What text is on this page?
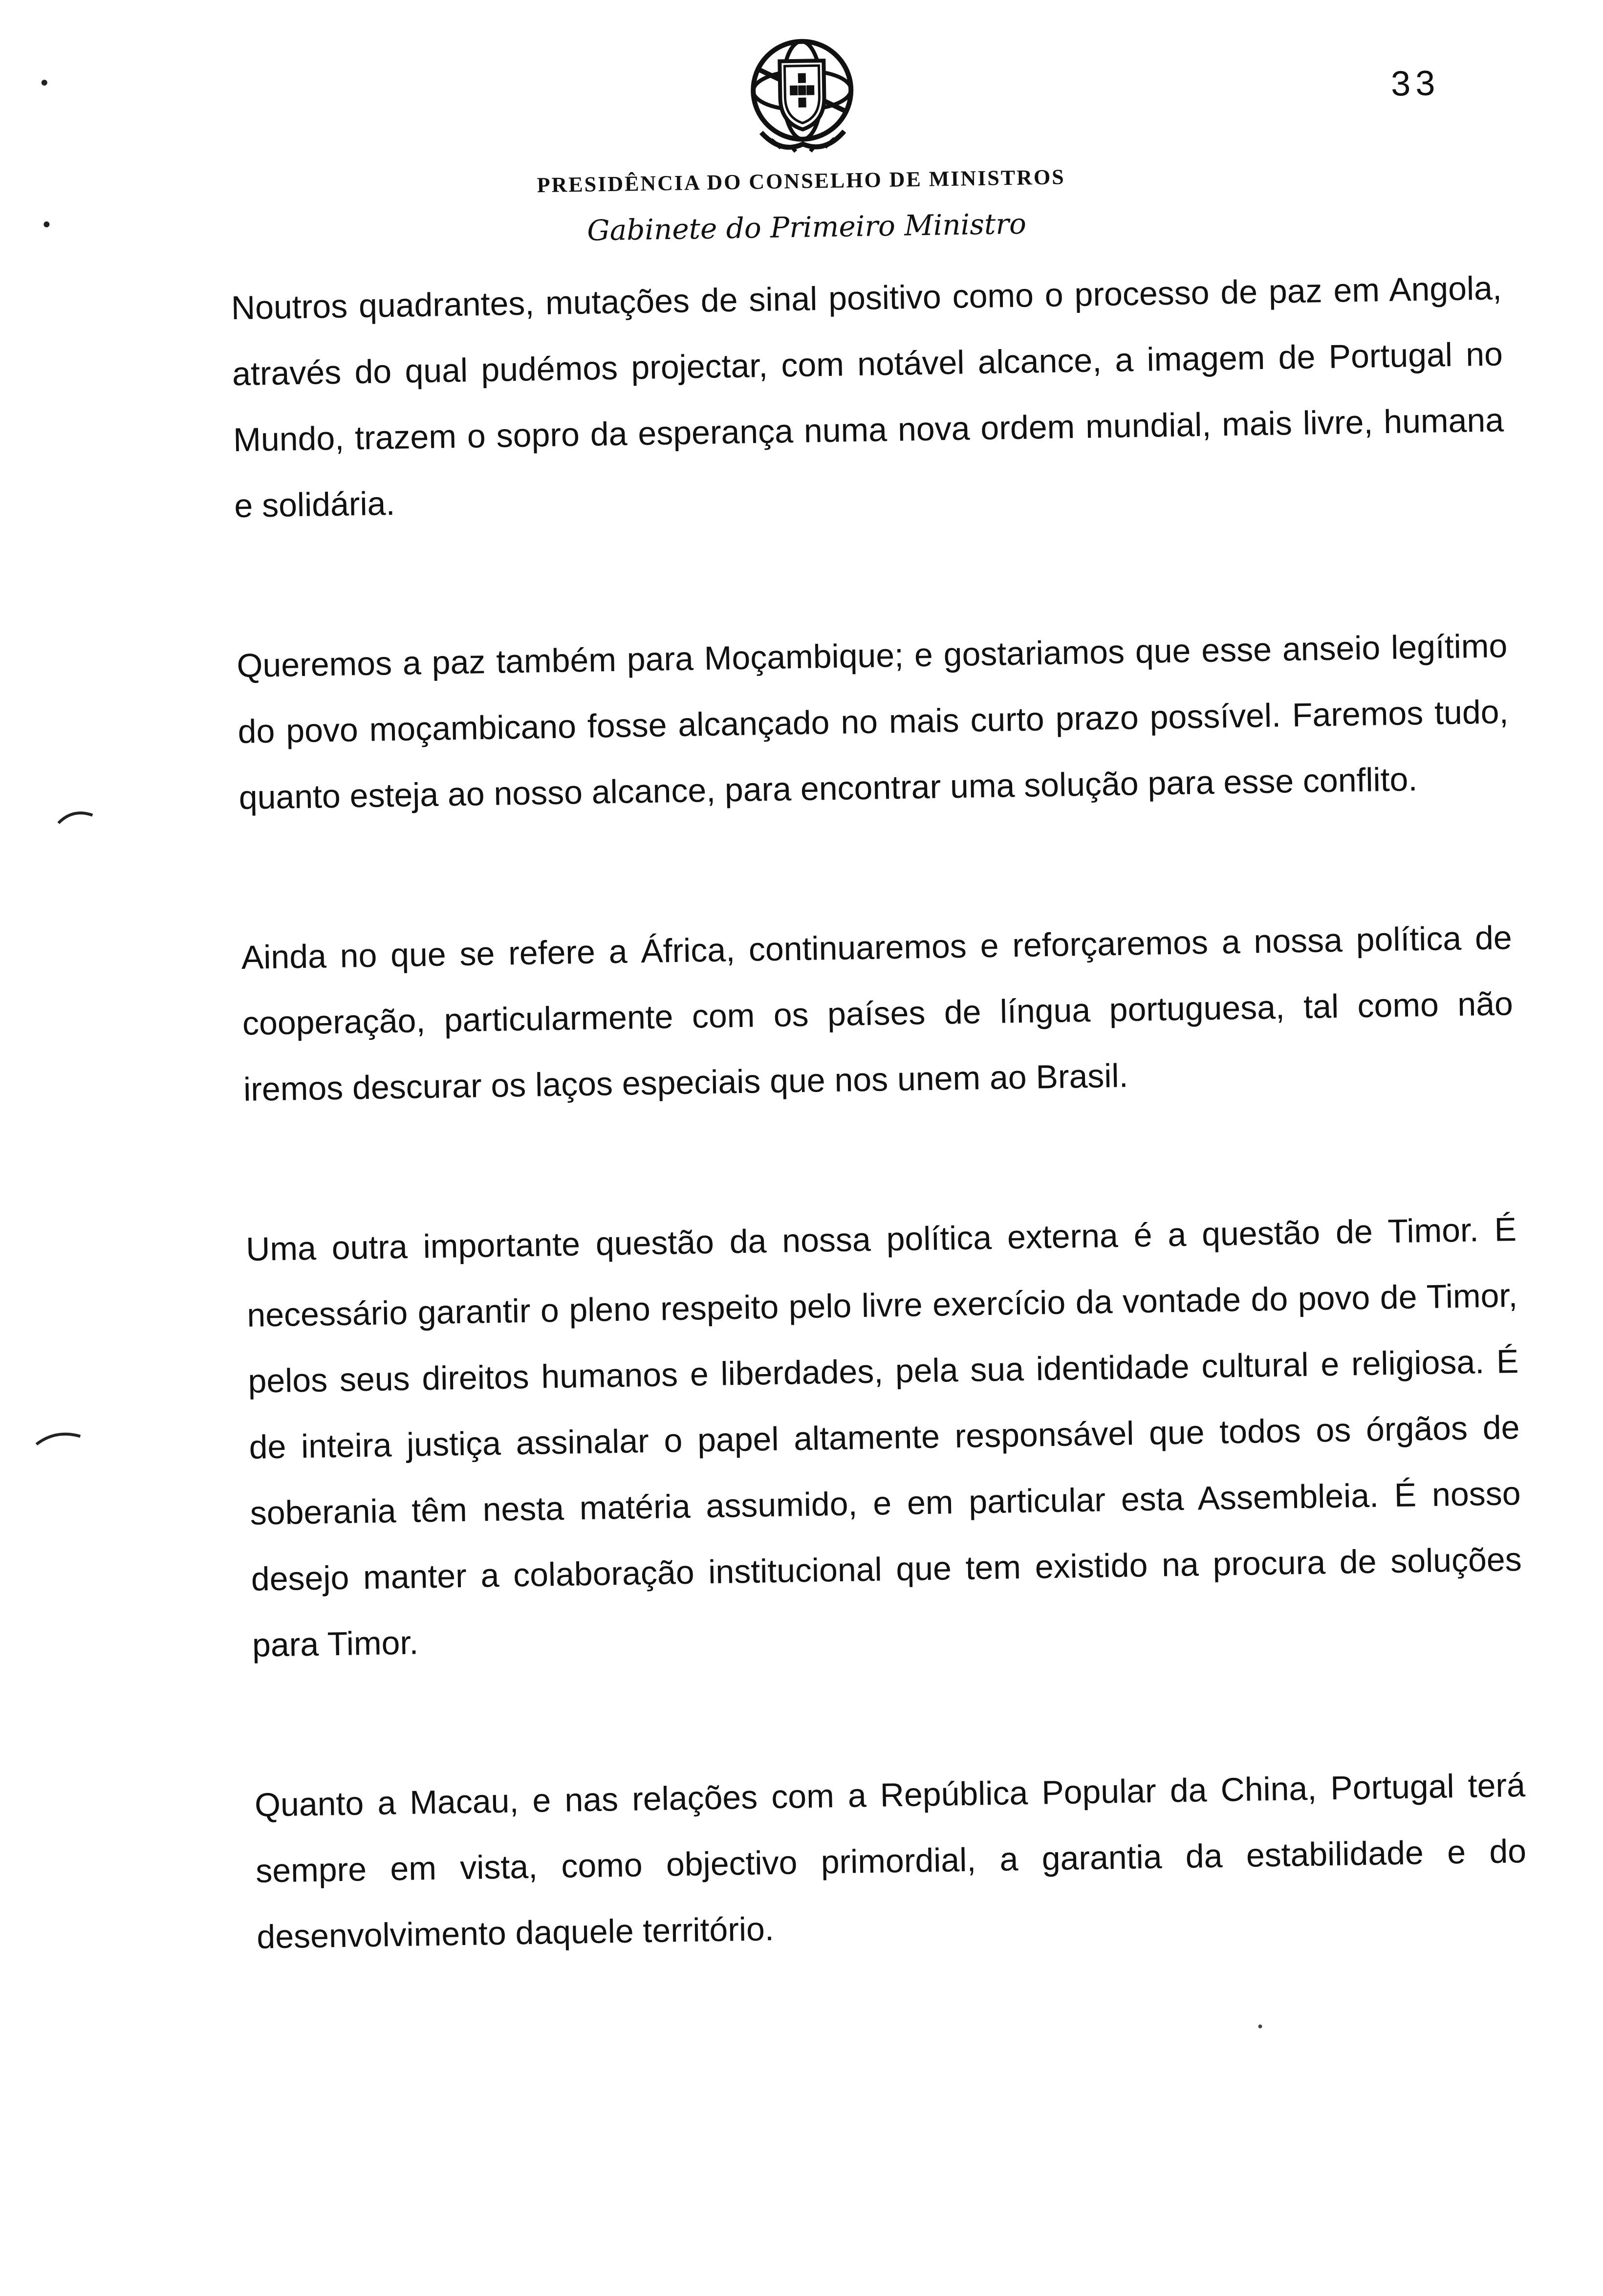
33
PRESIDÊNCIA DO CONSELHO DE MINISTROS
Gabinete do Primeiro Ministro

Noutros quadrantes, mutações de sinal positivo como o processo de paz em Angola, através do qual pudémos projectar, com notável alcance, a imagem de Portugal no Mundo, trazem o sopro da esperança numa nova ordem mundial, mais livre, humana e solidária.

Queremos a paz também para Moçambique; e gostariamos que esse anseio legítimo do povo moçambicano fosse alcançado no mais curto prazo possível. Faremos tudo, quanto esteja ao nosso alcance, para encontrar uma solução para esse conflito.

Ainda no que se refere a África, continuaremos e reforçaremos a nossa política de cooperação, particularmente com os países de língua portuguesa, tal como não iremos descurar os laços especiais que nos unem ao Brasil.

Uma outra importante questão da nossa política externa é a questão de Timor. É necessário garantir o pleno respeito pelo livre exercício da vontade do povo de Timor, pelos seus direitos humanos e liberdades, pela sua identidade cultural e religiosa. É de inteira justiça assinalar o papel altamente responsável que todos os órgãos de soberania têm nesta matéria assumido, e em particular esta Assembleia. É nosso desejo manter a colaboração institucional que tem existido na procura de soluções para Timor.

Quanto a Macau, e nas relações com a República Popular da China, Portugal terá sempre em vista, como objectivo primordial, a garantia da estabilidade e do desenvolvimento daquele território.
